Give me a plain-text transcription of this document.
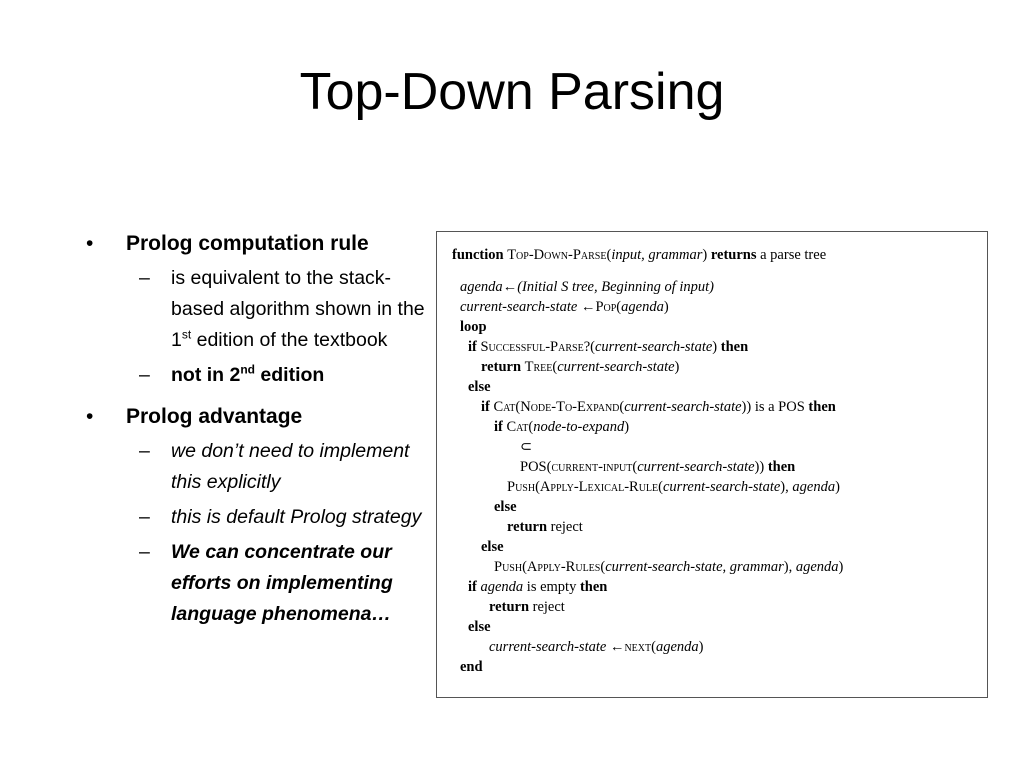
Top-Down Parsing
• Prolog computation rule
– is equivalent to the stack-based algorithm shown in the 1st edition of the textbook
– not in 2nd edition
• Prolog advantage
– we don’t need to implement this explicitly
– this is default Prolog strategy
– We can concentrate our efforts on implementing language phenomena…
function Top-Down-Parse(input, grammar) returns a parse tree
agenda←(Initial S tree, Beginning of input)
current-search-state ←Pop(agenda)
loop
if Successful-Parse?(current-search-state) then
return Tree(current-search-state)
else
if Cat(Node-To-Expand(current-search-state)) is a POS then
if Cat(node-to-expand)
⊂
POS(current-input(current-search-state)) then
Push(Apply-Lexical-Rule(current-search-state), agenda)
else
return reject
else
Push(Apply-Rules(current-search-state, grammar), agenda)
if agenda is empty then
return reject
else
current-search-state ←next(agenda)
end
